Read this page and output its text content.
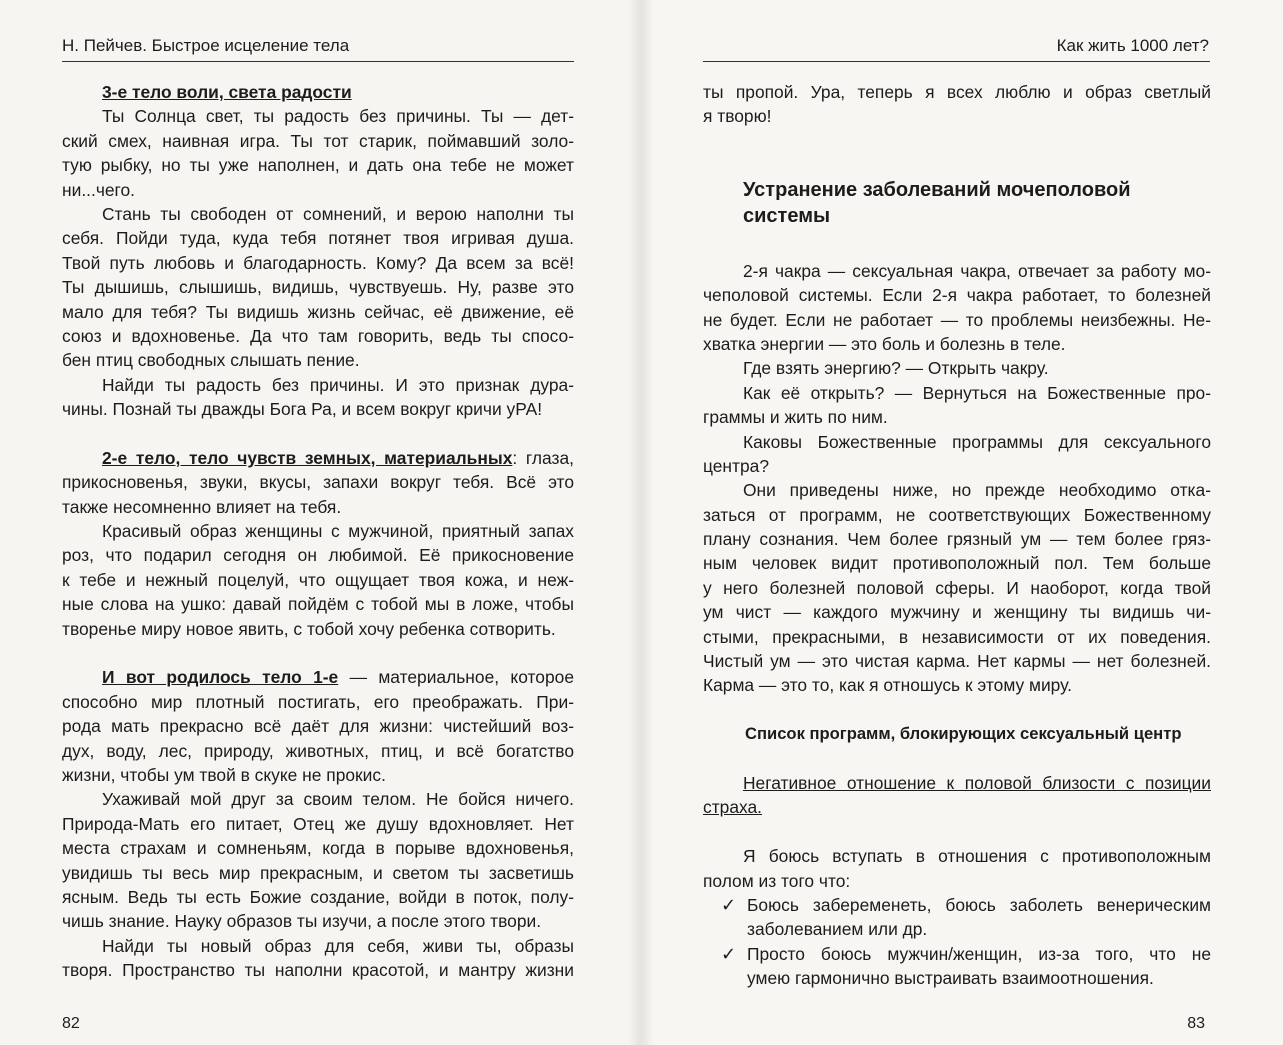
Н. Пейчев. Быстрое исцеление тела
3-е тело воли, света радости
Ты Солнца свет, ты радость без причины. Ты — дет-
ский смех, наивная игра. Ты тот старик, поймавший золо-
тую рыбку, но ты уже наполнен, и дать она тебе не может
ни...чего.
Стань ты свободен от сомнений, и верою наполни ты
себя. Пойди туда, куда тебя потянет твоя игривая душа.
Твой путь любовь и благодарность. Кому? Да всем за всё!
Ты дышишь, слышишь, видишь, чувствуешь. Ну, разве это
мало для тебя? Ты видишь жизнь сейчас, её движение, её
союз и вдохновенье. Да что там говорить, ведь ты спосо-
бен птиц свободных слышать пение.
Найди ты радость без причины. И это признак дура-
чины. Познай ты дважды Бога Ра, и всем вокруг кричи уРА!
2-е тело, тело чувств земных, материальных: глаза,
прикосновенья, звуки, вкусы, запахи вокруг тебя. Всё это
также несомненно влияет на тебя.
Красивый образ женщины с мужчиной, приятный запах
роз, что подарил сегодня он любимой. Её прикосновение
к тебе и нежный поцелуй, что ощущает твоя кожа, и неж-
ные слова на ушко: давай пойдём с тобой мы в ложе, чтобы
творенье миру новое явить, с тобой хочу ребенка сотворить.
И вот родилось тело 1-е — материальное, которое
способно мир плотный постигать, его преображать. При-
рода мать прекрасно всё даёт для жизни: чистейший воз-
дух, воду, лес, природу, животных, птиц, и всё богатство
жизни, чтобы ум твой в скуке не прокис.
Ухаживай мой друг за своим телом. Не бойся ничего.
Природа-Мать его питает, Отец же душу вдохновляет. Нет
места страхам и сомненьям, когда в порыве вдохновенья,
увидишь ты весь мир прекрасным, и светом ты засветишь
ясным. Ведь ты есть Божие создание, войди в поток, полу-
чишь знание. Науку образов ты изучи, а после этого твори.
Найди ты новый образ для себя, живи ты, образы
творя. Пространство ты наполни красотой, и мантру жизни
82
Как жить 1000 лет?
ты пропой. Ура, теперь я всех люблю и образ светлый
я творю!
Устранение заболеваний мочеполовой
системы
2-я чакра — сексуальная чакра, отвечает за работу мо-
чеполовой системы. Если 2-я чакра работает, то болезней
не будет. Если не работает — то проблемы неизбежны. Не-
хватка энергии — это боль и болезнь в теле.
Где взять энергию? — Открыть чакру.
Как её открыть? — Вернуться на Божественные про-
граммы и жить по ним.
Каковы Божественные программы для сексуального
центра?
Они приведены ниже, но прежде необходимо отка-
заться от программ, не соответствующих Божественному
плану сознания. Чем более грязный ум — тем более гряз-
ным человек видит противоположный пол. Тем больше
у него болезней половой сферы. И наоборот, когда твой
ум чист — каждого мужчину и женщину ты видишь чи-
стыми, прекрасными, в независимости от их поведения.
Чистый ум — это чистая карма. Нет кармы — нет болезней.
Карма — это то, как я отношусь к этому миру.
Список программ, блокирующих сексуальный центр
Негативное отношение к половой близости с позиции
страха.
Я боюсь вступать в отношения с противоположным
полом из того что:
✓ Боюсь забеременеть, боюсь заболеть венерическим
заболеванием или др.
✓ Просто боюсь мужчин/женщин, из-за того, что не
умею гармонично выстраивать взаимоотношения.
83
